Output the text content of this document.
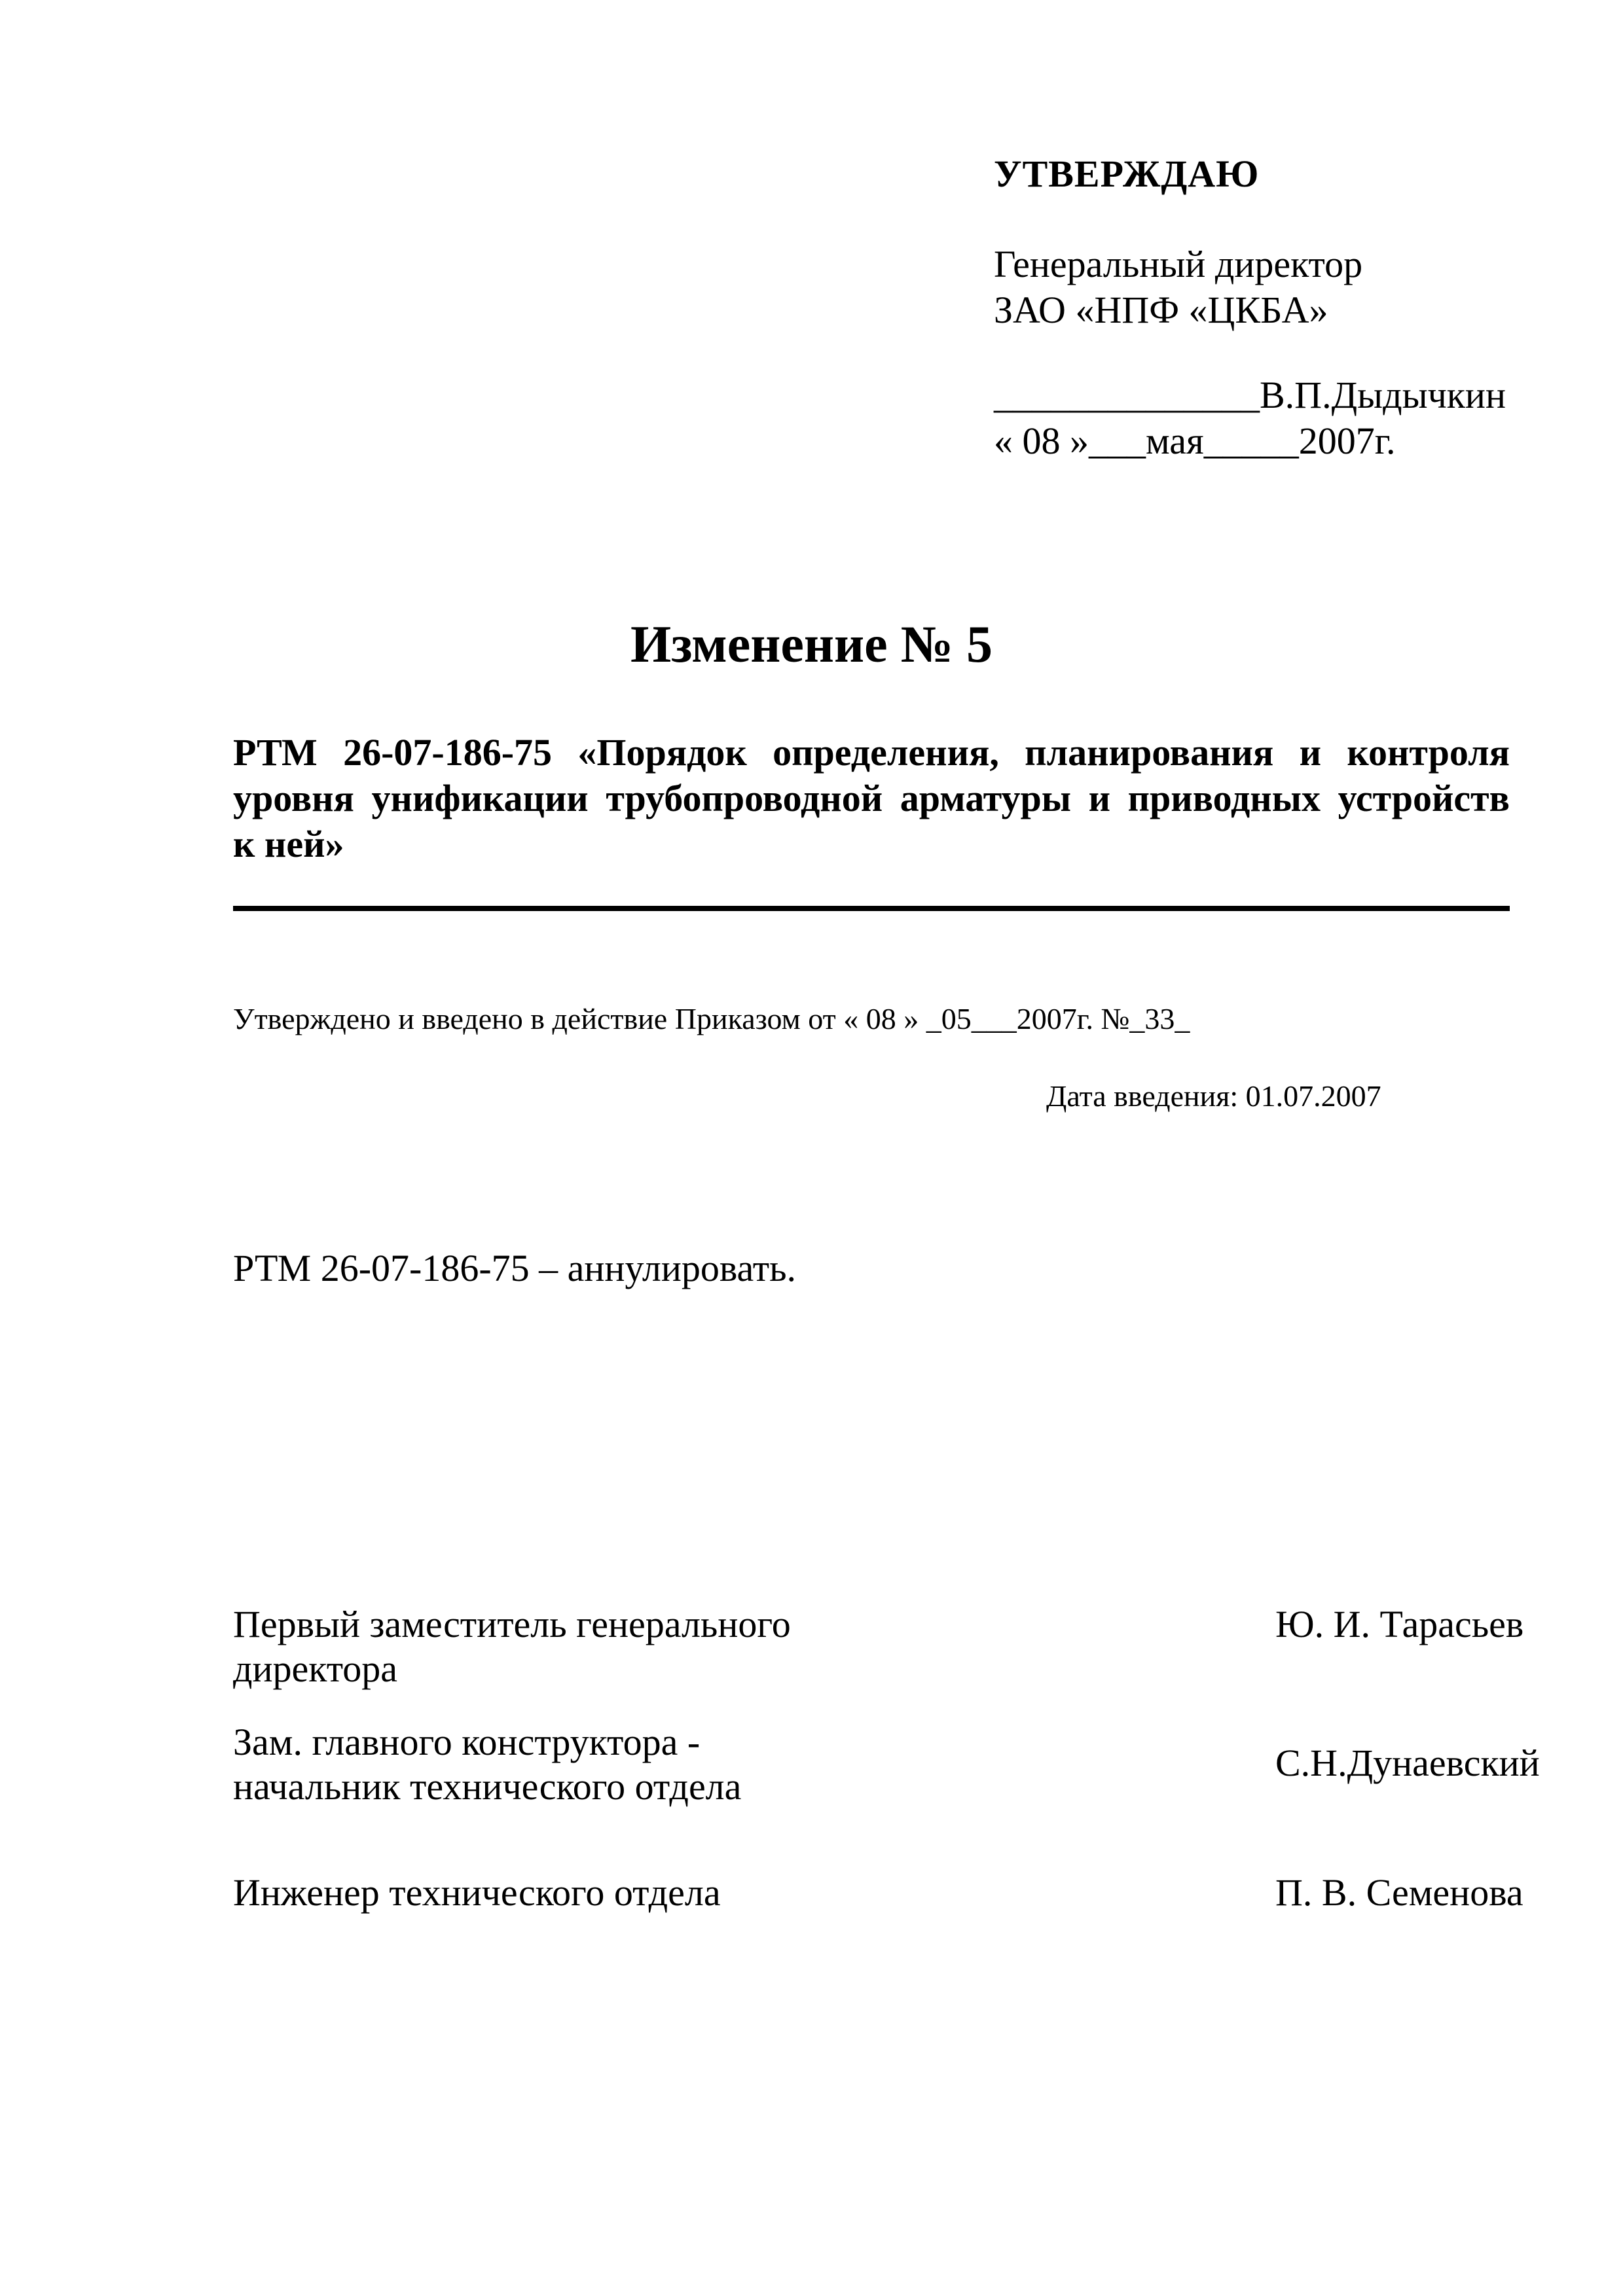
УТВЕРЖДАЮ
Генеральный директор
ЗАО «НПФ «ЦКБА»
______________В.П.Дыдычкин
« 08 »___мая_____2007г.
Изменение № 5
РТМ 26-07-186-75 «Порядок определения, планирования и контроля
уровня унификации трубопроводной арматуры и приводных устройств
к ней»
Утверждено и введено в действие Приказом от « 08 » _05___2007г. №_33_
Дата введения: 01.07.2007
РТМ 26-07-186-75 – аннулировать.
Первый заместитель генерального
директора
Ю. И. Тарасьев
Зам. главного конструктора -
начальник технического отдела
С.Н.Дунаевский
Инженер технического отдела	П. В. Семенова
